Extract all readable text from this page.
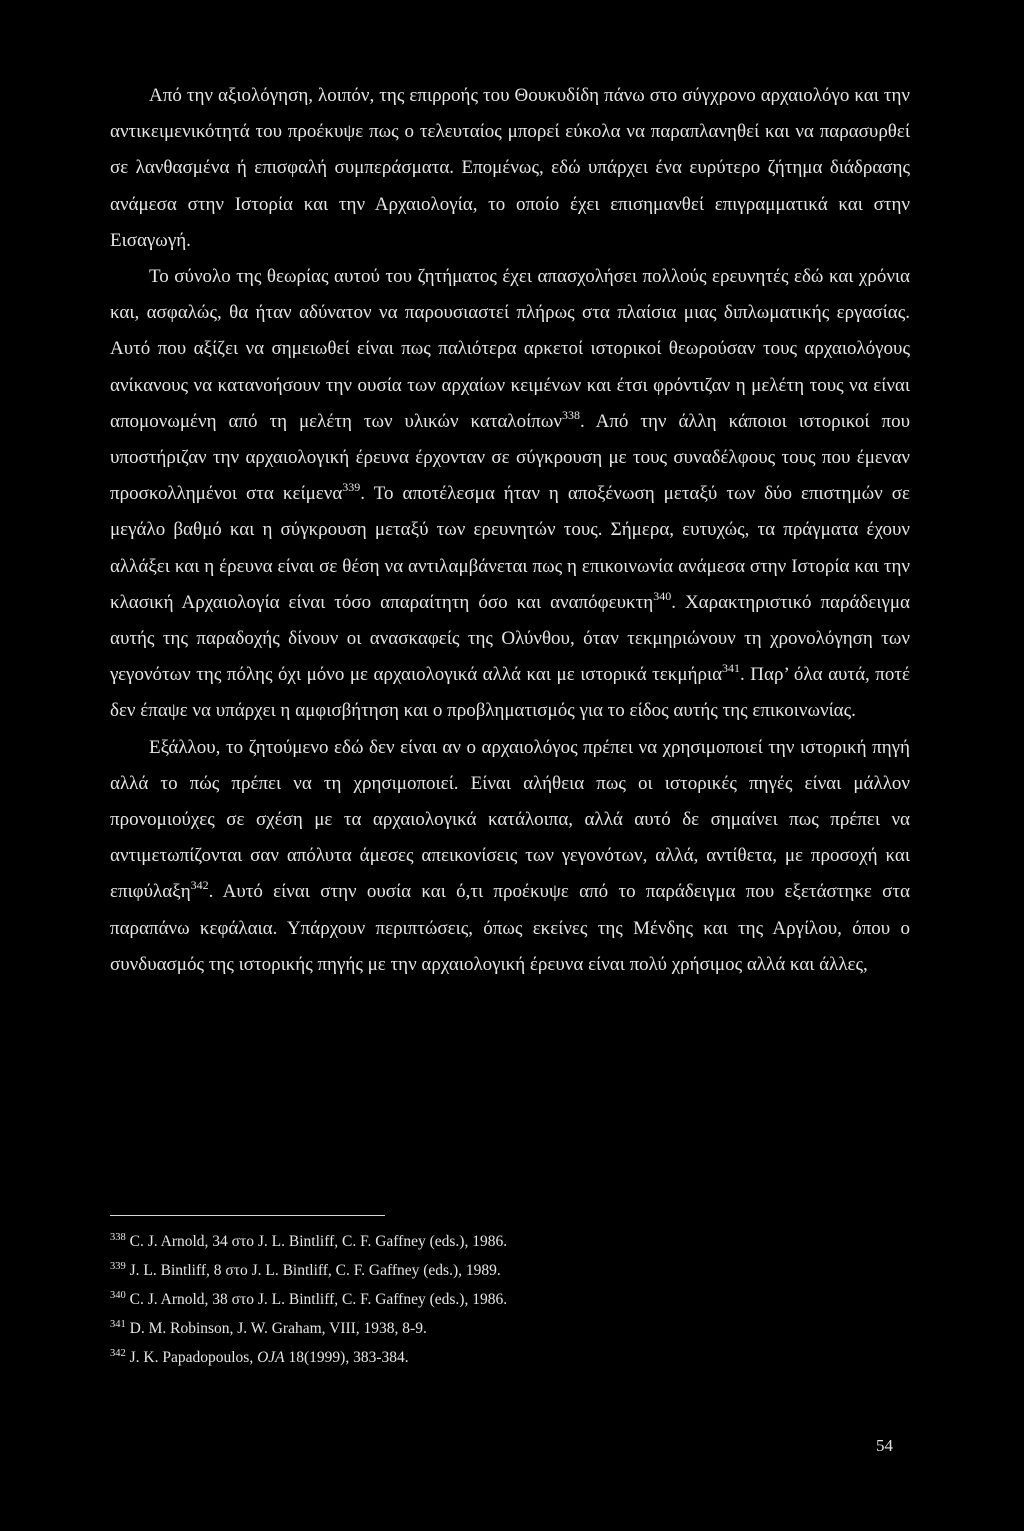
Από την αξιολόγηση, λοιπόν, της επιρροής του Θουκυδίδη πάνω στο σύγχρονο αρχαιολόγο και την αντικειμενικότητά του προέκυψε πως ο τελευταίος μπορεί εύκολα να παραπλανηθεί και να παρασυρθεί σε λανθασμένα ή επισφαλή συμπεράσματα. Επομένως, εδώ υπάρχει ένα ευρύτερο ζήτημα διάδρασης ανάμεσα στην Ιστορία και την Αρχαιολογία, το οποίο έχει επισημανθεί επιγραμματικά και στην Εισαγωγή.

Το σύνολο της θεωρίας αυτού του ζητήματος έχει απασχολήσει πολλούς ερευνητές εδώ και χρόνια και, ασφαλώς, θα ήταν αδύνατον να παρουσιαστεί πλήρως στα πλαίσια μιας διπλωματικής εργασίας. Αυτό που αξίζει να σημειωθεί είναι πως παλιότερα αρκετοί ιστορικοί θεωρούσαν τους αρχαιολόγους ανίκανους να κατανοήσουν την ουσία των αρχαίων κειμένων και έτσι φρόντιζαν η μελέτη τους να είναι απομονωμένη από τη μελέτη των υλικών καταλοίπων$^{338}$. Από την άλλη κάποιοι ιστορικοί που υποστήριζαν την αρχαιολογική έρευνα έρχονταν σε σύγκρουση με τους συναδέλφους τους που έμεναν προσκολλημένοι στα κείμενα$^{339}$. Το αποτέλεσμα ήταν η αποξένωση μεταξύ των δύο επιστημών σε μεγάλο βαθμό και η σύγκρουση μεταξύ των ερευνητών τους. Σήμερα, ευτυχώς, τα πράγματα έχουν αλλάξει και η έρευνα είναι σε θέση να αντιλαμβάνεται πως η επικοινωνία ανάμεσα στην Ιστορία και την κλασική Αρχαιολογία είναι τόσο απαραίτητη όσο και αναπόφευκτη$^{340}$. Χαρακτηριστικό παράδειγμα αυτής της παραδοχής δίνουν οι ανασκαφείς της Ολύνθου, όταν τεκμηριώνουν τη χρονολόγηση των γεγονότων της πόλης όχι μόνο με αρχαιολογικά αλλά και με ιστορικά τεκμήρια$^{341}$. Παρ’ όλα αυτά, ποτέ δεν έπαψε να υπάρχει η αμφισβήτηση και ο προβληματισμός για το είδος αυτής της επικοινωνίας.

Εξάλλου, το ζητούμενο εδώ δεν είναι αν ο αρχαιολόγος πρέπει να χρησιμοποιεί την ιστορική πηγή αλλά το πώς πρέπει να τη χρησιμοποιεί. Είναι αλήθεια πως οι ιστορικές πηγές είναι μάλλον προνομιούχες σε σχέση με τα αρχαιολογικά κατάλοιπα, αλλά αυτό δε σημαίνει πως πρέπει να αντιμετωπίζονται σαν απόλυτα άμεσες απεικονίσεις των γεγονότων, αλλά, αντίθετα, με προσοχή και επιφύλαξη$^{342}$. Αυτό είναι στην ουσία και ό,τι προέκυψε από το παράδειγμα που εξετάστηκε στα παραπάνω κεφάλαια. Υπάρχουν περιπτώσεις, όπως εκείνες της Μένδης και της Αργίλου, όπου ο συνδυασμός της ιστορικής πηγής με την αρχαιολογική έρευνα είναι πολύ χρήσιμος αλλά και άλλες,

$^{338}$ C. J. Arnold, 34 στο J. L. Bintliff, C. F. Gaffney (eds.), 1986.

$^{339}$ J. L. Bintliff, 8 στο J. L. Bintliff, C. F. Gaffney (eds.), 1989.

$^{340}$ C. J. Arnold, 38 στο J. L. Bintliff, C. F. Gaffney (eds.), 1986.

$^{341}$ D. M. Robinson, J. W. Graham, VIII, 1938, 8-9.

$^{342}$ J. K. Papadopoulos, OJA 18(1999), 383-384.

54
